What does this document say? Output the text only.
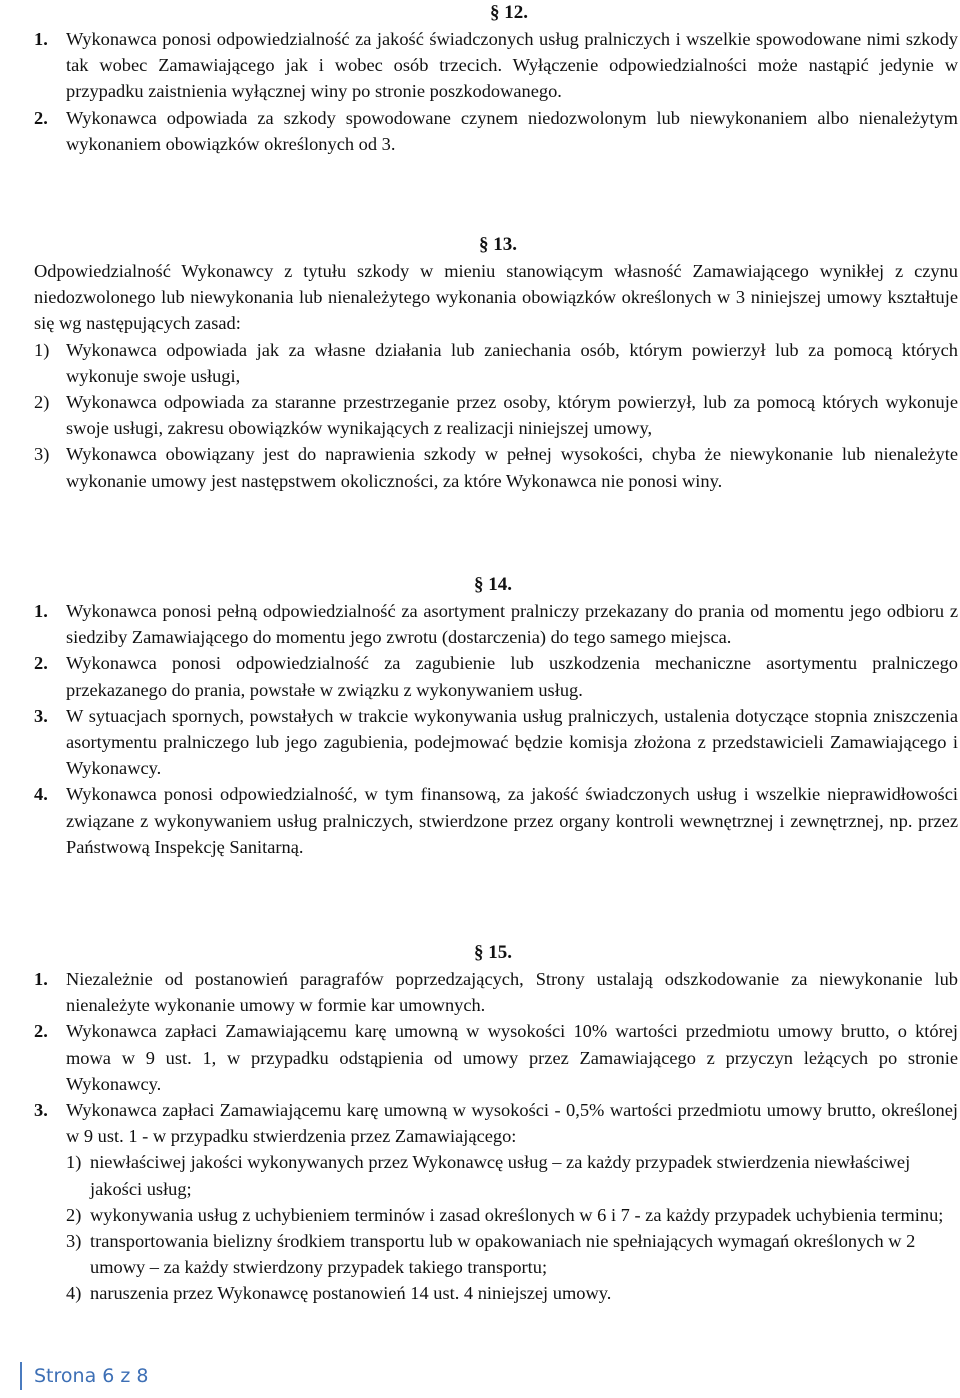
§ 12.
1. Wykonawca ponosi odpowiedzialność za jakość świadczonych usług pralniczych i wszelkie spowodowane nimi szkody tak wobec Zamawiającego jak i wobec osób trzecich. Wyłączenie odpowiedzialności może nastąpić jedynie w przypadku zaistnienia wyłącznej winy po stronie poszkodowanego.
2. Wykonawca odpowiada za szkody spowodowane czynem niedozwolonym lub niewykonaniem albo nienależytym wykonaniem obowiązków określonych od 3.
§ 13.
Odpowiedzialność Wykonawcy z tytułu szkody w mieniu stanowiącym własność Zamawiającego wynikłej z czynu niedozwolonego lub niewykonania lub nienależytego wykonania obowiązków określonych w 3 niniejszej umowy kształtuje się wg następujących zasad:
1) Wykonawca odpowiada jak za własne działania lub zaniechania osób, którym powierzył lub za pomocą których wykonuje swoje usługi,
2) Wykonawca odpowiada za staranne przestrzeganie przez osoby, którym powierzył, lub za pomocą których wykonuje swoje usługi, zakresu obowiązków wynikających z realizacji niniejszej umowy,
3) Wykonawca obowiązany jest do naprawienia szkody w pełnej wysokości, chyba że niewykonanie lub nienależyte wykonanie umowy jest następstwem okoliczności, za które Wykonawca nie ponosi winy.
§ 14.
1. Wykonawca ponosi pełną odpowiedzialność za asortyment pralniczy przekazany do prania od momentu jego odbioru z siedziby Zamawiającego do momentu jego zwrotu (dostarczenia) do tego samego miejsca.
2. Wykonawca ponosi odpowiedzialność za zagubienie lub uszkodzenia mechaniczne asortymentu pralniczego przekazanego do prania, powstałe w związku z wykonywaniem usług.
3. W sytuacjach spornych, powstałych w trakcie wykonywania usług pralniczych, ustalenia dotyczące stopnia zniszczenia asortymentu pralniczego lub jego zagubienia, podejmować będzie komisja złożona z przedstawicieli Zamawiającego i Wykonawcy.
4. Wykonawca ponosi odpowiedzialność, w tym finansową, za jakość świadczonych usług i wszelkie nieprawidłowości związane z wykonywaniem usług pralniczych, stwierdzone przez organy kontroli wewnętrznej i zewnętrznej, np. przez Państwową Inspekcję Sanitarną.
§ 15.
1. Niezależnie od postanowień paragrafów poprzedzających, Strony ustalają odszkodowanie za niewykonanie lub nienależyte wykonanie umowy w formie kar umownych.
2. Wykonawca zapłaci Zamawiającemu karę umowną w wysokości 10% wartości przedmiotu umowy brutto, o której mowa w 9 ust. 1, w przypadku odstąpienia od umowy przez Zamawiającego z przyczyn leżących po stronie Wykonawcy.
3. Wykonawca zapłaci Zamawiającemu karę umowną w wysokości - 0,5% wartości przedmiotu umowy brutto, określonej w 9 ust. 1 - w przypadku stwierdzenia przez Zamawiającego:
1) niewłaściwej jakości wykonywanych przez Wykonawcę usług – za każdy przypadek stwierdzenia niewłaściwej jakości usług;
2) wykonywania usług z uchybieniem terminów i zasad określonych w 6 i 7 - za każdy przypadek uchybienia terminu;
3) transportowania bielizny środkiem transportu lub w opakowaniach nie spełniających wymagań określonych w 2 umowy – za każdy stwierdzony przypadek takiego transportu;
4) naruszenia przez Wykonawcę postanowień 14 ust. 4 niniejszej umowy.
Strona 6 z 8
